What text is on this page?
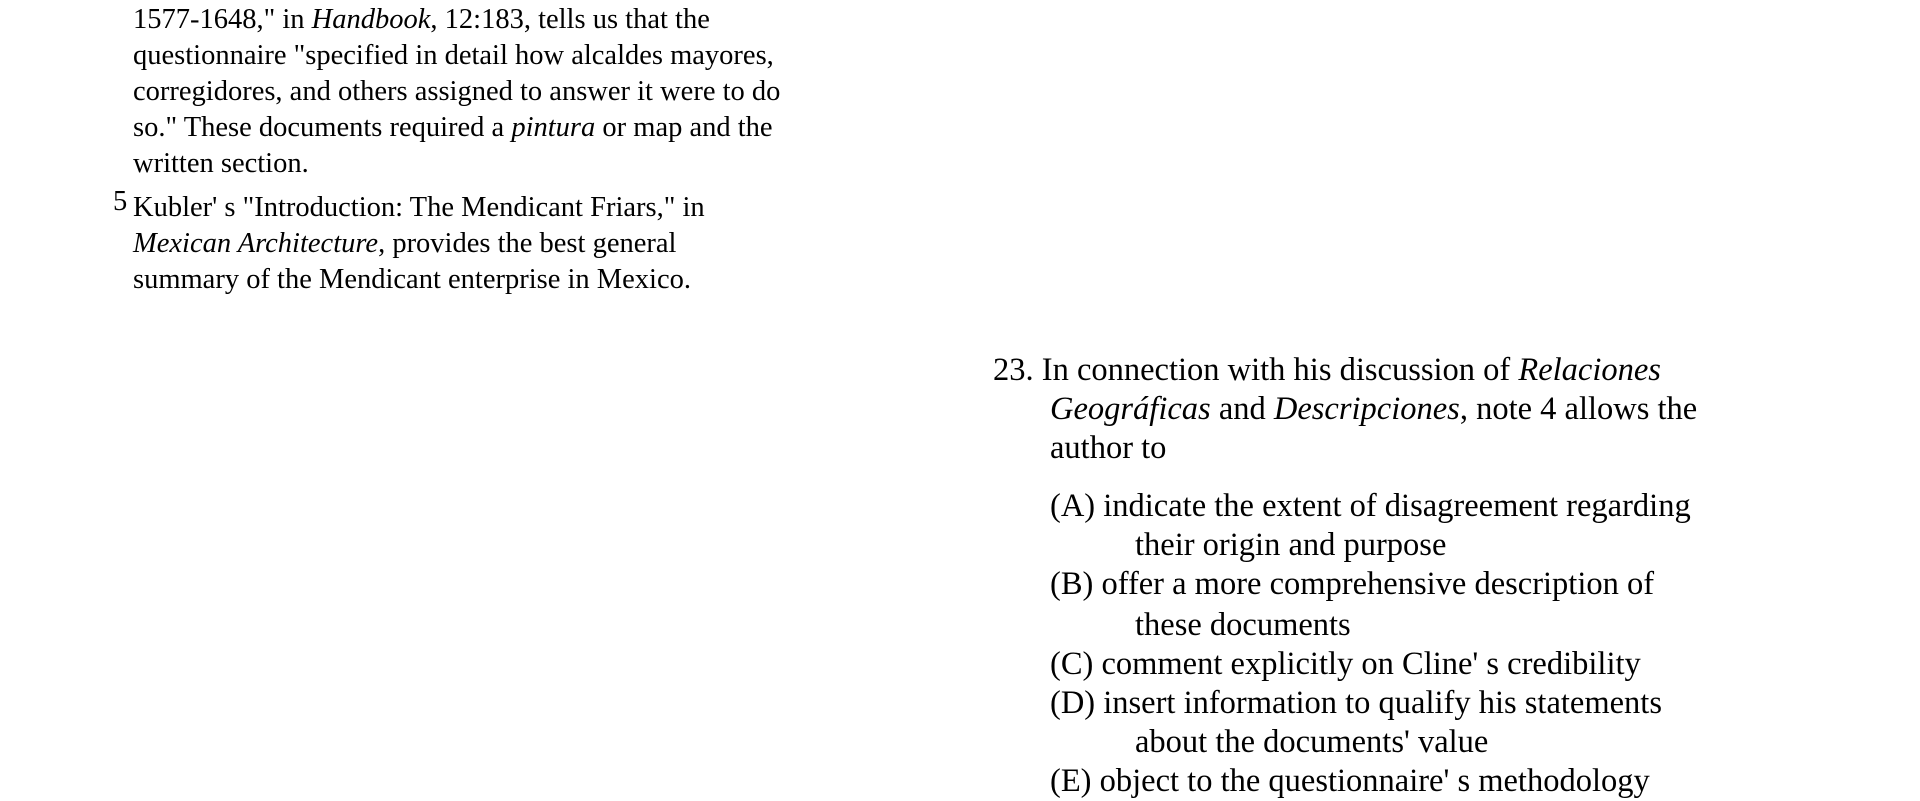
1577-1648," in Handbook, 12:183, tells us that the
questionnaire "specified in detail how alcaldes mayores,
corregidores, and others assigned to answer it were to do
so." These documents required a pintura or map and the
written section.
5 Kubler' s "Introduction: The Mendicant Friars," in
Mexican Architecture, provides the best general
summary of the Mendicant enterprise in Mexico.
23. In connection with his discussion of Relaciones
Geográficas and Descripciones, note 4 allows the
author to
(A) indicate the extent of disagreement regarding
their origin and purpose
(B) offer a more comprehensive description of
these documents
(C) comment explicitly on Cline' s credibility
(D) insert information to qualify his statements
about the documents' value
(E) object to the questionnaire' s methodology
